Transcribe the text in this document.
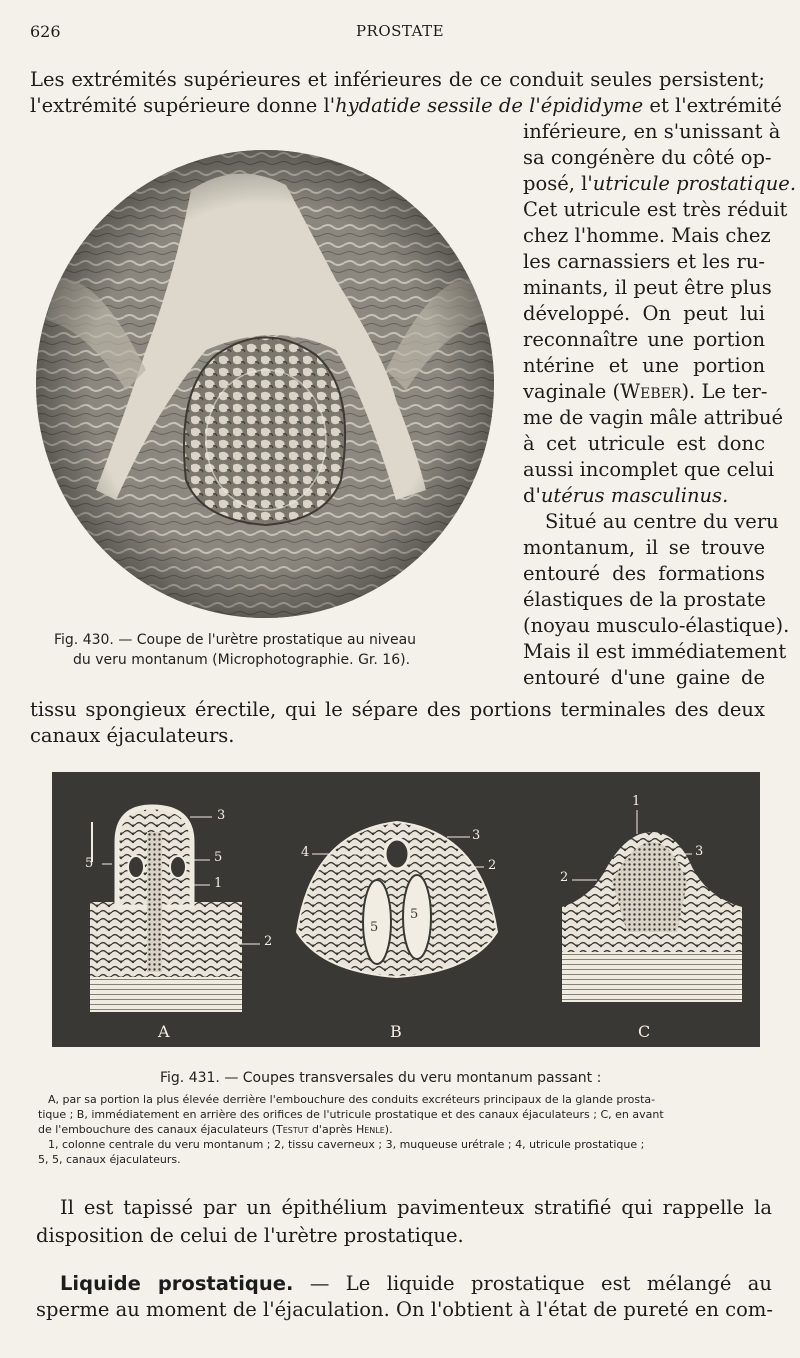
626	PROSTATE
Les extrémités supérieures et inférieures de ce conduit seules persistent;
l'extrémité supérieure donne l'hydatide sessile de l'épididyme et l'extrémité
Fig. 430. — Coupe de l'urètre prostatique au niveau
du veru montanum (Microphotographie. Gr. 16).
inférieure, en s'unissant à
sa congénère du côté op-
posé, l'utricule prostatique.
Cet utricule est très réduit
chez l'homme. Mais chez
les carnassiers et les ru-
minants, il peut être plus
développé. On peut lui
reconnaître une portion
ntérine et une portion
vaginale (Weber). Le ter-
me de vagin mâle attribué
à cet utricule est donc
aussi incomplet que celui
d'utérus masculinus.
Situé au centre du veru
montanum, il se trouve
entouré des formations
élastiques de la prostate
(noyau musculo-élastique).
Mais il est immédiatement
entouré d'une gaine de
tissu spongieux érectile, qui le sépare des portions terminales des deux
canaux éjaculateurs.
3
5	5
1
2
4
3
2
5
5
1
3
2
2
A	B	C
Fig. 431. — Coupes transversales du veru montanum passant :
A, par sa portion la plus élevée derrière l'embouchure des conduits excréteurs principaux de la glande prosta-
tique ; B, immédiatement en arrière des orifices de l'utricule prostatique et des canaux éjaculateurs ; C, en avant
de l'embouchure des canaux éjaculateurs (Testut d'après Henle).
1, colonne centrale du veru montanum ; 2, tissu caverneux ; 3, muqueuse urétrale ; 4, utricule prostatique ;
5, 5, canaux éjaculateurs.
Il est tapissé par un épithélium pavimenteux stratifié qui rappelle la
disposition de celui de l'urètre prostatique.
Liquide prostatique. — Le liquide prostatique est mélangé au
sperme au moment de l'éjaculation. On l'obtient à l'état de pureté en com-
